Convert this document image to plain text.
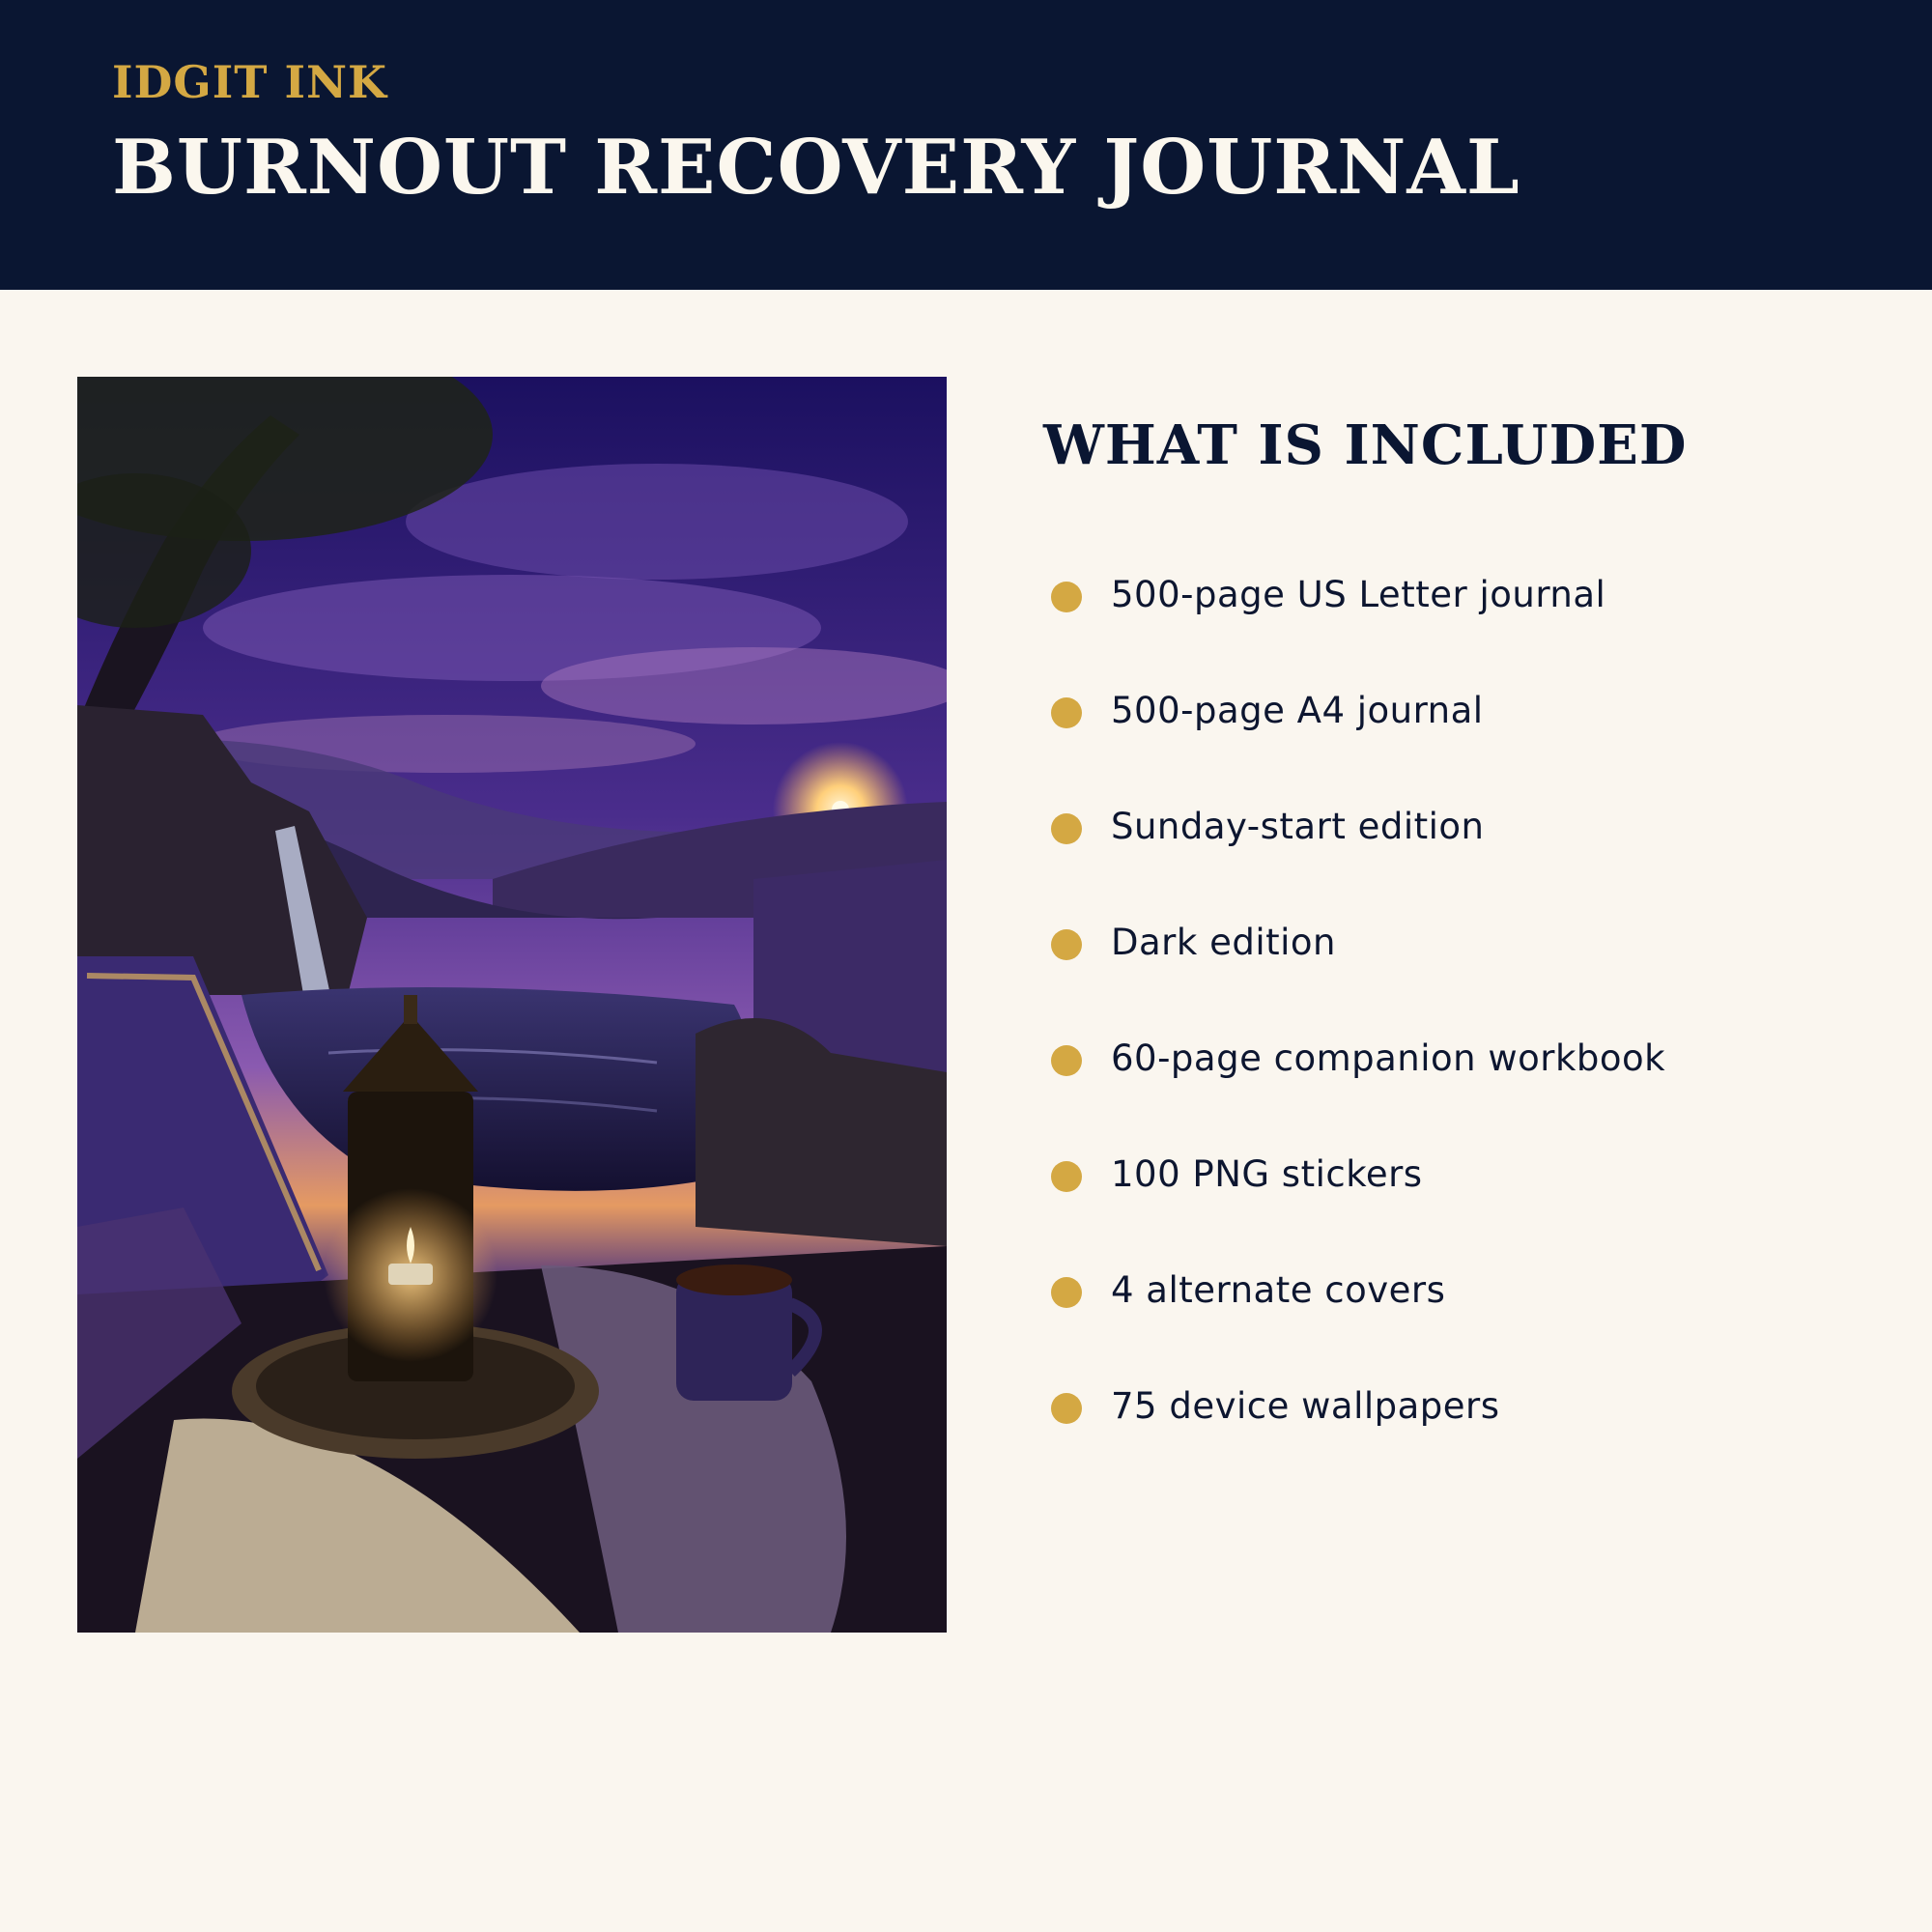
IDGIT INK
BURNOUT RECOVERY JOURNAL
WHAT IS INCLUDED
500-page US Letter journal
500-page A4 journal
Sunday-start edition
Dark edition
60-page companion workbook
100 PNG stickers
4 alternate covers
75 device wallpapers
